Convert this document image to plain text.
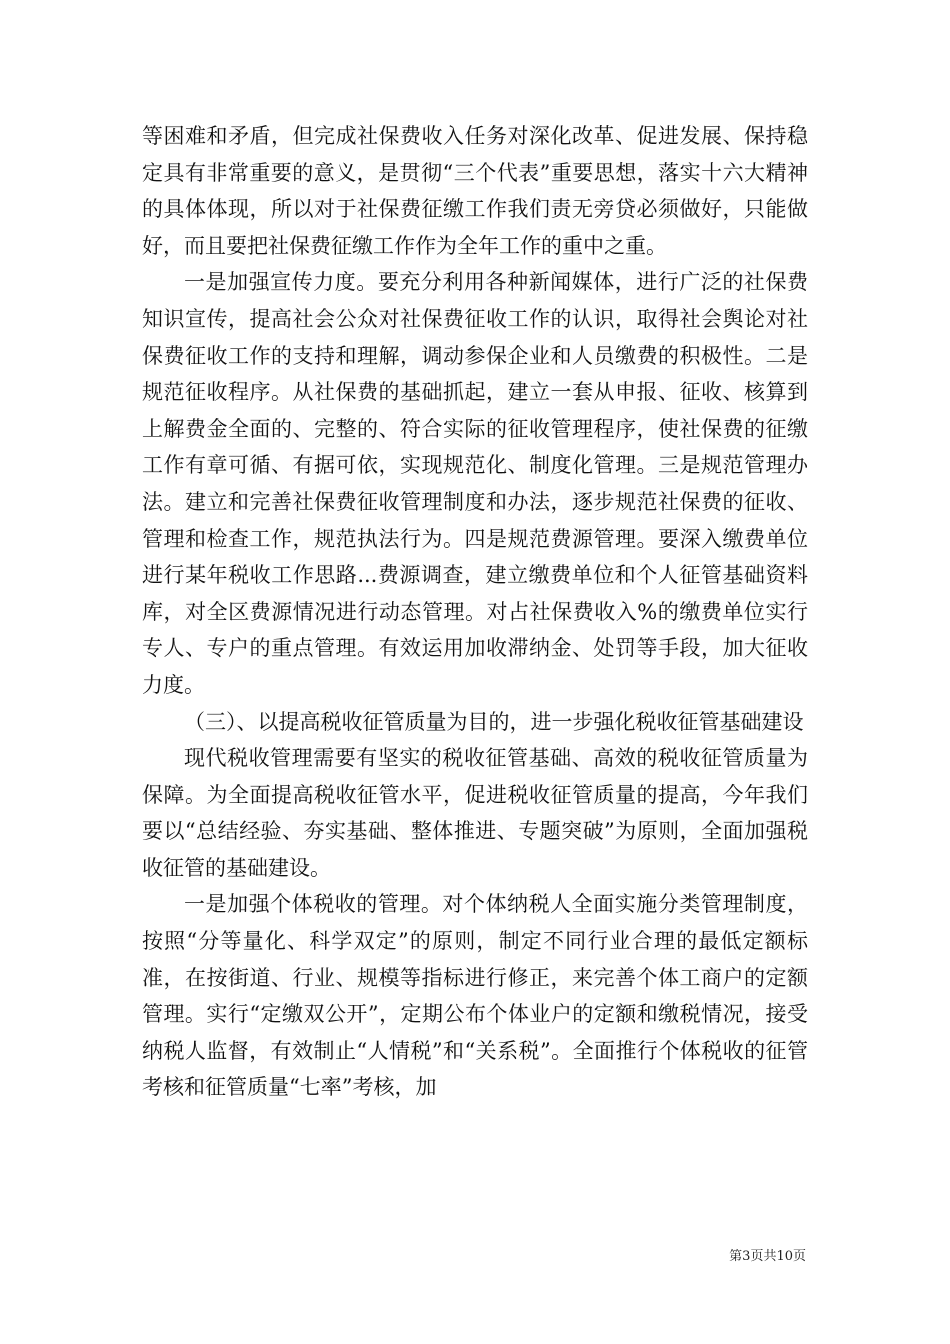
等困难和矛盾，但完成社保费收入任务对深化改革、促进发展、保持稳定具有非常重要的意义，是贯彻“三个代表”重要思想，落实十六大精神的具体体现，所以对于社保费征缴工作我们责无旁贷必须做好，只能做好，而且要把社保费征缴工作作为全年工作的重中之重。

一是加强宣传力度。要充分利用各种新闻媒体，进行广泛的社保费知识宣传，提高社会公众对社保费征收工作的认识，取得社会舆论对社保费征收工作的支持和理解，调动参保企业和人员缴费的积极性。二是规范征收程序。从社保费的基础抓起，建立一套从申报、征收、核算到上解费金全面的、完整的、符合实际的征收管理程序，使社保费的征缴工作有章可循、有据可依，实现规范化、制度化管理。三是规范管理办法。建立和完善社保费征收管理制度和办法，逐步规范社保费的征收、管理和检查工作，规范执法行为。四是规范费源管理。要深入缴费单位进行某年税收工作思路...费源调查，建立缴费单位和个人征管基础资料库，对全区费源情况进行动态管理。对占社保费收入%的缴费单位实行专人、专户的重点管理。有效运用加收滞纳金、处罚等手段，加大征收力度。

（三）、以提高税收征管质量为目的，进一步强化税收征管基础建设

现代税收管理需要有坚实的税收征管基础、高效的税收征管质量为保障。为全面提高税收征管水平，促进税收征管质量的提高，今年我们要以“总结经验、夯实基础、整体推进、专题突破”为原则，全面加强税收征管的基础建设。

一是加强个体税收的管理。对个体纳税人全面实施分类管理制度，按照“分等量化、科学双定”的原则，制定不同行业合理的最低定额标准，在按街道、行业、规模等指标进行修正，来完善个体工商户的定额管理。实行“定缴双公开”，定期公布个体业户的定额和缴税情况，接受纳税人监督，有效制止“人情税”和“关系税”。全面推行个体税收的征管考核和征管质量“七率”考核，加

第3页共10页
